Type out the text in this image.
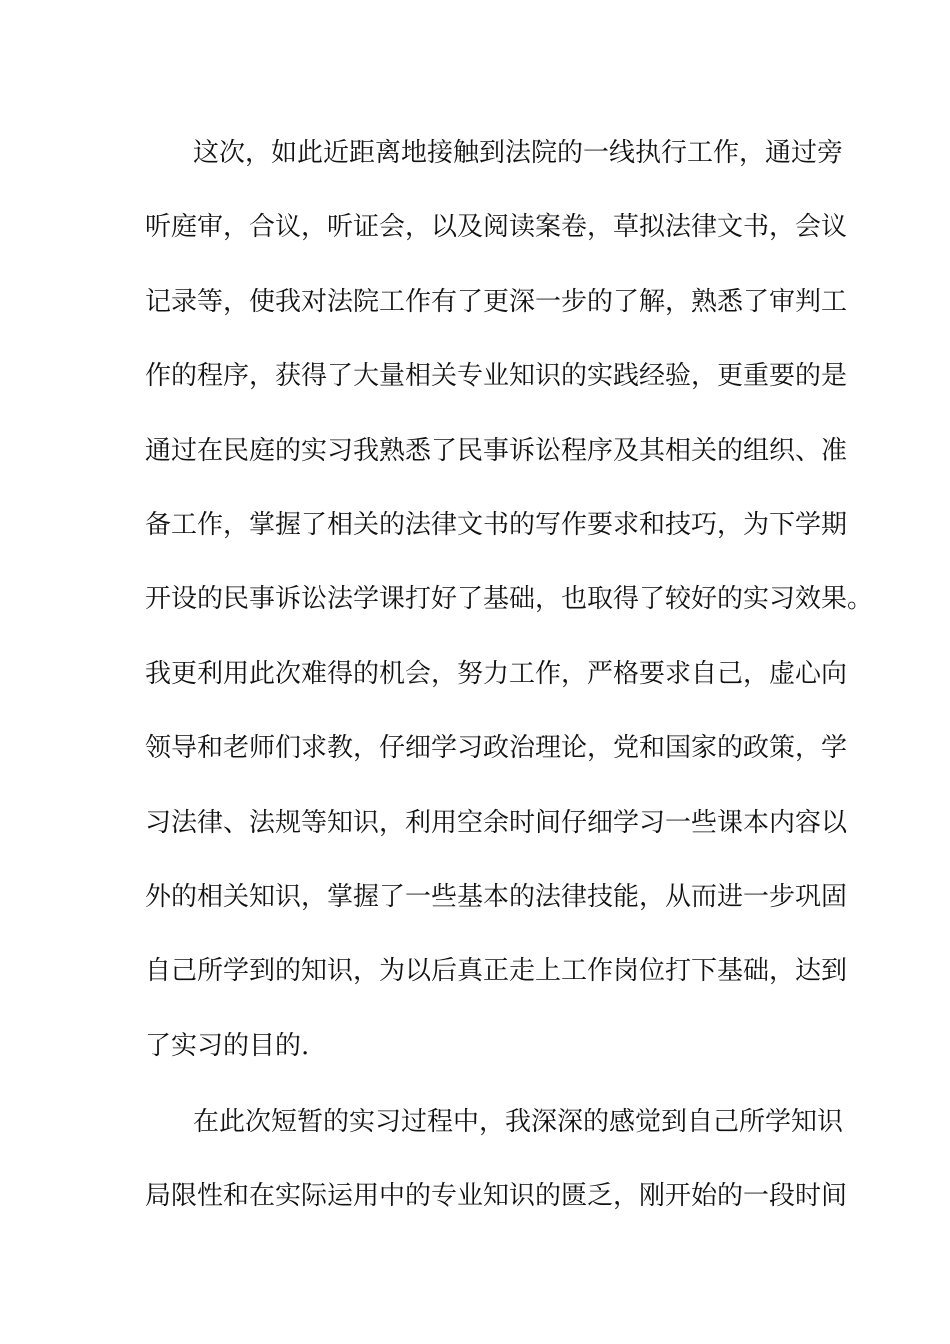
这次，如此近距离地接触到法院的一线执行工作，通过旁
听庭审，合议，听证会，以及阅读案卷，草拟法律文书，会议
记录等，使我对法院工作有了更深一步的了解，熟悉了审判工
作的程序，获得了大量相关专业知识的实践经验，更重要的是
通过在民庭的实习我熟悉了民事诉讼程序及其相关的组织、准
备工作，掌握了相关的法律文书的写作要求和技巧，为下学期
开设的民事诉讼法学课打好了基础，也取得了较好的实习效果。
我更利用此次难得的机会，努力工作，严格要求自己，虚心向
领导和老师们求教，仔细学习政治理论，党和国家的政策，学
习法律、法规等知识，利用空余时间仔细学习一些课本内容以
外的相关知识，掌握了一些基本的法律技能，从而进一步巩固
自己所学到的知识，为以后真正走上工作岗位打下基础，达到
了实习的目的.
在此次短暂的实习过程中，我深深的感觉到自己所学知识
局限性和在实际运用中的专业知识的匮乏，刚开始的一段时间
